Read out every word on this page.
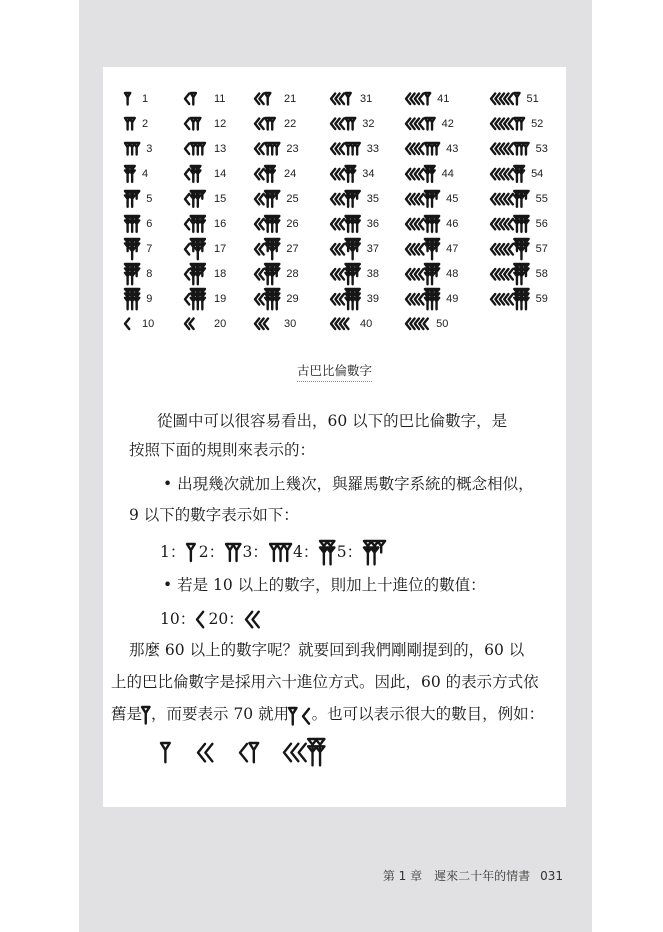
1
2
3
4
5
6
7
8
9
10
11
12
13
14
15
16
17
18
19
20
21
22
23
24
25
26
27
28
29
30
31
32
33
34
35
36
37
38
39
40
41
42
43
44
45
46
47
48
49
50
51
52
53
54
55
56
57
58
59
古巴比倫數字
從圖中可以很容易看出，60 以下的巴比倫數字，是
按照下面的規則來表示的：
• 出現幾次就加上幾次，與羅馬數字系統的概念相似，
9 以下的數字表示如下：
1： 2： 3： 4： 5：
• 若是 10 以上的數字，則加上十進位的數值：
10： 20：
那麼 60 以上的數字呢？就要回到我們剛剛提到的，60 以
上的巴比倫數字是採用六十進位方式。因此，60 的表示方式依
舊是 ，而要表示 70 就用 。也可以表示很大的數目，例如：
第 1 章　遲來二十年的情書 031
